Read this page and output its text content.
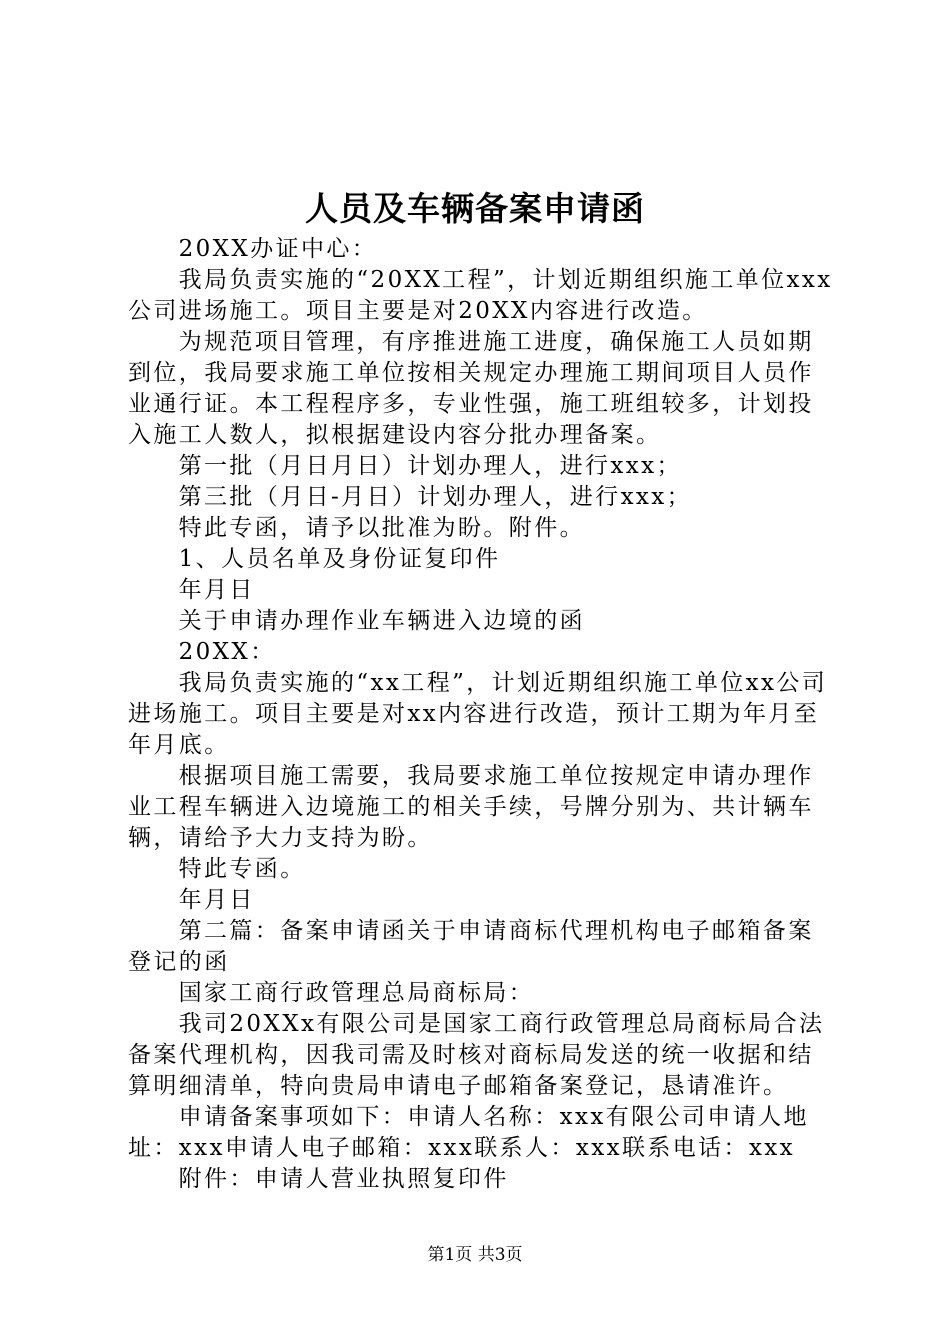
人员及车辆备案申请函

20XX办证中心：

我局负责实施的“20XX工程”，计划近期组织施工单位xxx公司进场施工。项目主要是对20XX内容进行改造。

为规范项目管理，有序推进施工进度，确保施工人员如期到位，我局要求施工单位按相关规定办理施工期间项目人员作业通行证。本工程程序多，专业性强，施工班组较多，计划投入施工人数人，拟根据建设内容分批办理备案。

第一批（月日月日）计划办理人，进行xxx；

第三批（月日-月日）计划办理人，进行xxx；

特此专函，请予以批准为盼。附件。

1、人员名单及身份证复印件

年月日

关于申请办理作业车辆进入边境的函

20XX：

我局负责实施的“xx工程”，计划近期组织施工单位xx公司进场施工。项目主要是对xx内容进行改造，预计工期为年月至年月底。

根据项目施工需要，我局要求施工单位按规定申请办理作业工程车辆进入边境施工的相关手续，号牌分别为、共计辆车辆，请给予大力支持为盼。

特此专函。

年月日

第二篇：备案申请函关于申请商标代理机构电子邮箱备案登记的函

国家工商行政管理总局商标局：

我司20XXx有限公司是国家工商行政管理总局商标局合法备案代理机构，因我司需及时核对商标局发送的统一收据和结算明细清单，特向贵局申请电子邮箱备案登记，恳请准许。

申请备案事项如下：申请人名称：xxx有限公司申请人地址：xxx申请人电子邮箱：xxx联系人：xxx联系电话：xxx

附件：申请人营业执照复印件

第1页 共3页
